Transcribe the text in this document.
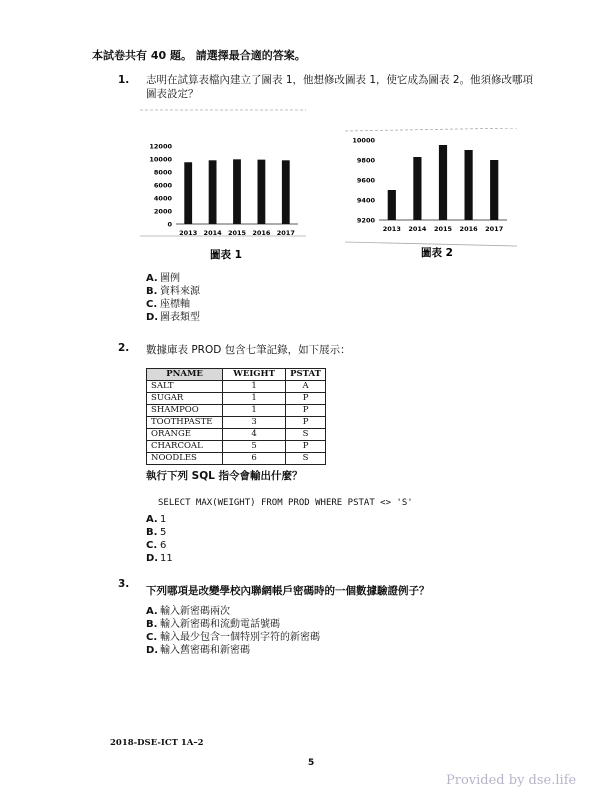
本試卷共有 40 題。 請選擇最合適的答案。
1. 志明在試算表檔內建立了圖表 1，他想修改圖表 1，使它成為圖表 2。他須修改哪項
圖表設定？
0
2000
4000
6000
8000
10000
12000
2013 2014 2015 2016 2017
圖表 1
9200
9400
9600
9800
10000
2013 2014 2015 2016 2017
圖表 2
A. 圖例
B. 資料來源
C. 座標軸
D. 圖表類型
2. 數據庫表 PROD 包含七筆記錄，如下展示：
PNAME	WEIGHT	PSTAT
SALT	1	A
SUGAR	1	P
SHAMPOO	1	P
TOOTHPASTE	3	P
ORANGE	4	S
CHARCOAL	5	P
NOODLES	6	S
執行下列 SQL 指令會輸出什麼？
SELECT MAX(WEIGHT) FROM PROD WHERE PSTAT <> 'S'
A. 1
B. 5
C. 6
D. 11
3.
下列哪項是改變學校內聯網帳戶密碼時的一個數據驗證例子？
A. 輸入新密碼兩次
B. 輸入新密碼和流動電話號碼
C. 輸入最少包含一個特別字符的新密碼
D. 輸入舊密碼和新密碼
2018-DSE-ICT 1A–2
5
Provided by dse.life
